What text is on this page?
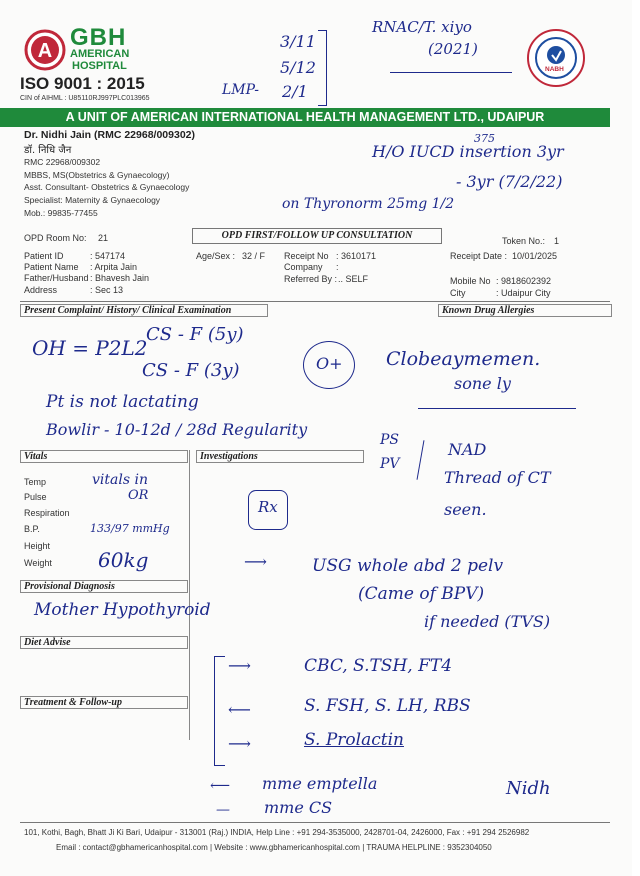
A GBH
AMERICAN
HOSPITAL
ISO 9001 : 2015
CIN of AIHML : U85110RJ997PLC013965
3/11
5/12
LMP- 2/1
RNAC/T. xiyo
(2021)
NABH
A UNIT OF AMERICAN INTERNATIONAL HEALTH MANAGEMENT LTD., UDAIPUR
Dr. Nidhi Jain (RMC 22968/009302)
डॉ. निधि जैन
RMC 22968/009302
MBBS, MS(Obstetrics & Gynaecology)
Asst. Consultant- Obstetrics & Gynaecology
Specialist: Maternity & Gynaecology
Mob.: 99835-77455
375
H/O IUCD insertion 3yr
- 3yr (7/2/22)
on Thyronorm 25mg 1/2
OPD Room No: 21	OPD FIRST/FOLLOW UP CONSULTATION	Token No.: 1
Patient ID	: 547174
Patient Name : Arpita Jain
Father/Husband : Bhavesh Jain
Address	: Sec 13
Age/Sex : 32 / F Receipt No : 3610171
Company :
Referred By : .. SELF
Receipt Date : 10/01/2025
Mobile No : 9818602392
City	: Udaipur City
Present Complaint/ History/ Clinical Examination	Known Drug Allergies
OH = P2L2
CS - F (5y)
CS - F (3y)	O+
Pt is not lactating
Bowlir - 10-12d / 28d Regularity
Clobeaymemen.
sone ly
Vitals	Investigations
PS
PV
NAD
Thread of CT
seen.
Temp
Pulse
Respiration
B.P.
Height
Weight
vitals in
OR
133/97 mmHg
60kg
Rx
⟶	USG whole abd 2 pelv
(Came of BPV)
if needed (TVS)
Provisional Diagnosis
Mother Hypothyroid
Diet Advise
⟶	CBC, S.TSH, FT4
⟵	S. FSH, S. LH, RBS
⟶	S. Prolactin
Treatment & Follow-up
⟵ mme emptella
— mme CS
Nidh
101, Kothi, Bagh, Bhatt Ji Ki Bari, Udaipur - 313001 (Raj.) INDIA, Help Line : +91 294-3535000, 2428701-04, 2426000, Fax : +91 294 2526982
Email : contact@gbhamericanhospital.com | Website : www.gbhamericanhospital.com | TRAUMA HELPLINE : 9352304050
